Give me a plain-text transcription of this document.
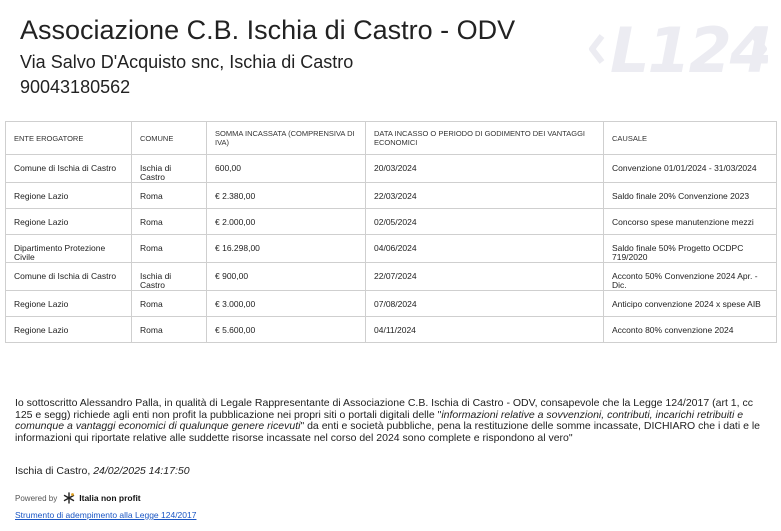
Associazione C.B. Ischia di Castro - ODV
Via Salvo D'Acquisto snc, Ischia di Castro
90043180562	L124
ENTE EROGATORE	COMUNE	SOMMA INCASSATA (COMPRENSIVA DI IVA)	DATA INCASSO O PERIODO DI GODIMENTO DEI VANTAGGI ECONOMICI	CAUSALE
Comune di Ischia di Castro	Ischia di Castro	600,00	20/03/2024	Convenzione 01/01/2024 - 31/03/2024
Regione Lazio	Roma	€ 2.380,00	22/03/2024	Saldo finale 20% Convenzione 2023
Regione Lazio	Roma	€ 2.000,00	02/05/2024	Concorso spese manutenzione mezzi
Dipartimento Protezione Civile	Roma	€ 16.298,00	04/06/2024	Saldo finale 50% Progetto OCDPC 719/2020
Comune di Ischia di Castro	Ischia di Castro	€ 900,00	22/07/2024	Acconto 50% Convenzione 2024 Apr. - Dic.
Regione Lazio	Roma	€ 3.000,00	07/08/2024	Anticipo convenzione 2024 x spese AIB
Regione Lazio	Roma	€ 5.600,00	04/11/2024	Acconto 80% convenzione 2024
Io sottoscritto Alessandro Palla, in qualità di Legale Rappresentante di Associazione C.B. Ischia di Castro - ODV, consapevole che la Legge 124/2017 (art 1, cc 125 e segg) richiede agli enti non profit la pubblicazione nei propri siti o portali digitali delle "informazioni relative a sovvenzioni, contributi, incarichi retribuiti e comunque a vantaggi economici di qualunque genere ricevuti" da enti e società pubbliche, pena la restituzione delle somme incassate, DICHIARO che i dati e le informazioni qui riportate relative alle suddette risorse incassate nel corso del 2024 sono complete e rispondono al vero"
Ischia di Castro, 24/02/2025 14:17:50
Powered by	Italia non profit
Strumento di adempimento alla Legge 124/2017
